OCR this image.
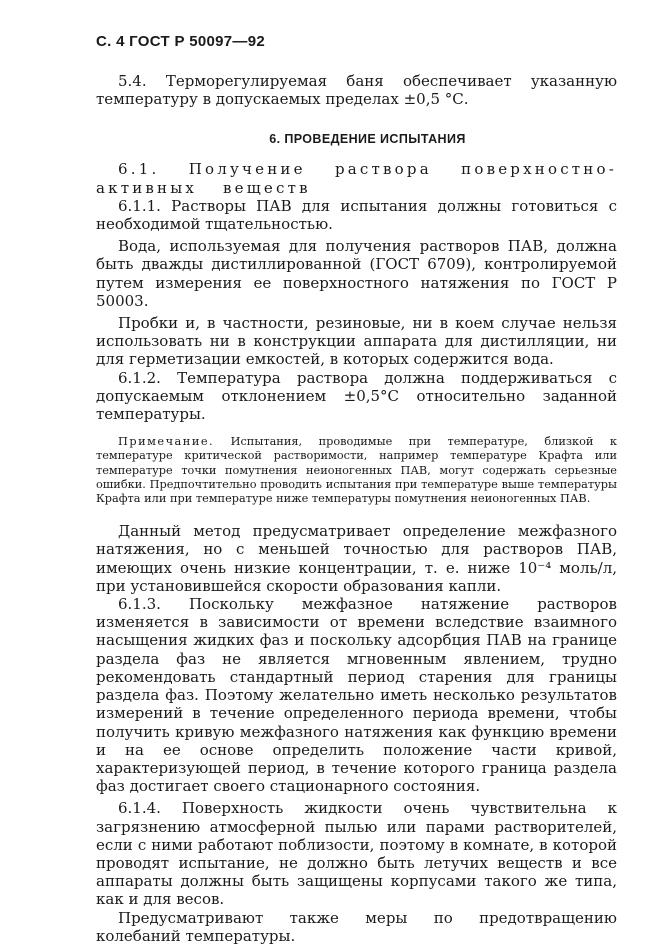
С. 4 ГОСТ Р 50097—92

5.4. Терморегулируемая баня обеспечивает указанную температуру в допускаемых пределах ±0,5 °С.

6. ПРОВЕДЕНИЕ ИСПЫТАНИЯ

6.1. Получение раствора поверхностно-активных веществ

6.1.1. Растворы ПАВ для испытания должны готовиться с необходимой тщательностью.

Вода, используемая для получения растворов ПАВ, должна быть дважды дистиллированной (ГОСТ 6709), контролируемой путем измерения ее поверхностного натяжения по ГОСТ Р 50003.

Пробки и, в частности, резиновые, ни в коем случае нельзя использовать ни в конструкции аппарата для дистилляции, ни для герметизации емкостей, в которых содержится вода.

6.1.2. Температура раствора должна поддерживаться с допускаемым отклонением ±0,5°С относительно заданной температуры.

Примечание. Испытания, проводимые при температуре, близкой к температуре критической растворимости, например температуре Крафта или температуре точки помутнения неионогенных ПАВ, могут содержать серьезные ошибки. Предпочтительно проводить испытания при температуре выше температуры Крафта или при температуре ниже температуры помутнения неионогенных ПАВ.

Данный метод предусматривает определение межфазного натяжения, но с меньшей точностью для растворов ПАВ, имеющих очень низкие концентрации, т. е. ниже 10⁻⁴ моль/л, при установившейся скорости образования капли.

6.1.3. Поскольку межфазное натяжение растворов изменяется в зависимости от времени вследствие взаимного насыщения жидких фаз и поскольку адсорбция ПАВ на границе раздела фаз не является мгновенным явлением, трудно рекомендовать стандартный период старения для границы раздела фаз. Поэтому желательно иметь несколько результатов измерений в течение определенного периода времени, чтобы получить кривую межфазного натяжения как функцию времени и на ее основе определить положение части кривой, характеризующей период, в течение которого граница раздела фаз достигает своего стационарного состояния.

6.1.4. Поверхность жидкости очень чувствительна к загрязнению атмосферной пылью или парами растворителей, если с ними работают поблизости, поэтому в комнате, в которой проводят испытание, не должно быть летучих веществ и все аппараты должны быть защищены корпусами такого же типа, как и для весов.

Предусматривают также меры по предотвращению колебаний температуры.
